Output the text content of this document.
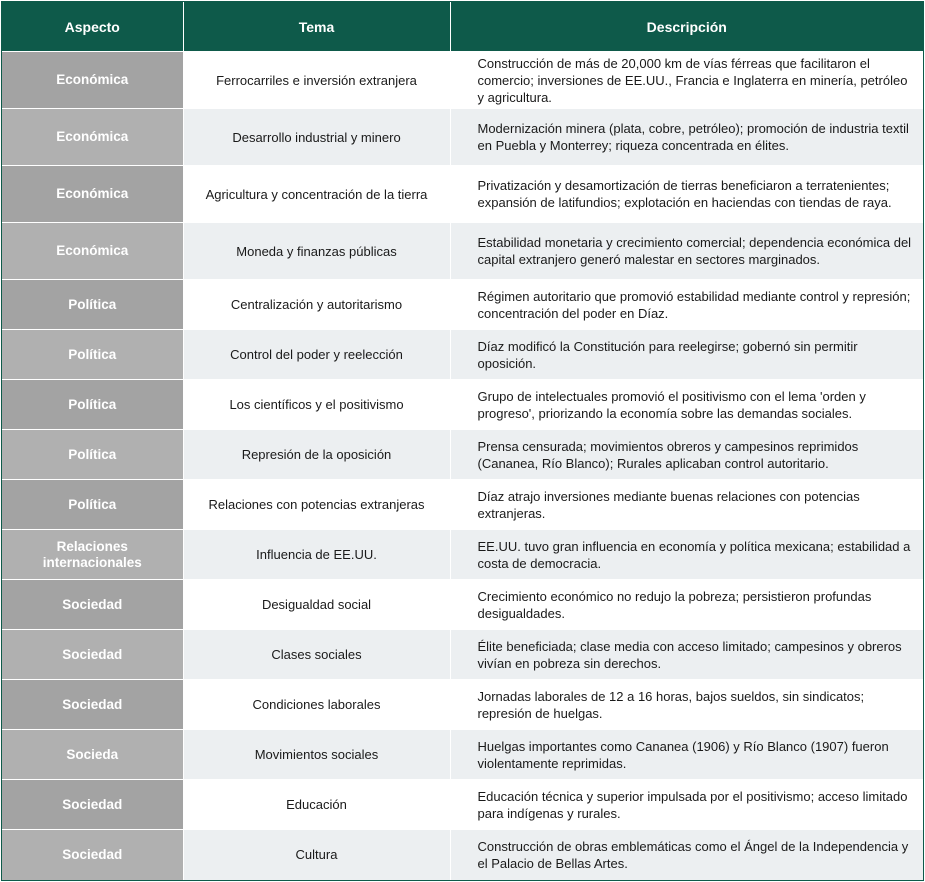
Aspecto	Tema	Descripción
Económica	Ferrocarriles e inversión extranjera	Construcción de más de 20,000 km de vías férreas que facilitaron el comercio; inversiones de EE.UU., Francia e Inglaterra en minería, petróleo y agricultura.
Económica	Desarrollo industrial y minero	Modernización minera (plata, cobre, petróleo); promoción de industria textil en Puebla y Monterrey; riqueza concentrada en élites.
Económica	Agricultura y concentración de la tierra	Privatización y desamortización de tierras beneficiaron a terratenientes; expansión de latifundios; explotación en haciendas con tiendas de raya.
Económica	Moneda y finanzas públicas	Estabilidad monetaria y crecimiento comercial; dependencia económica del capital extranjero generó malestar en sectores marginados.
Política	Centralización y autoritarismo	Régimen autoritario que promovió estabilidad mediante control y represión; concentración del poder en Díaz.
Política	Control del poder y reelección	Díaz modificó la Constitución para reelegirse; gobernó sin permitir oposición.
Política	Los científicos y el positivismo	Grupo de intelectuales promovió el positivismo con el lema 'orden y progreso', priorizando la economía sobre las demandas sociales.
Política	Represión de la oposición	Prensa censurada; movimientos obreros y campesinos reprimidos (Cananea, Río Blanco); Rurales aplicaban control autoritario.
Política	Relaciones con potencias extranjeras	Díaz atrajo inversiones mediante buenas relaciones con potencias extranjeras.
Relaciones internacionales	Influencia de EE.UU.	EE.UU. tuvo gran influencia en economía y política mexicana; estabilidad a costa de democracia.
Sociedad	Desigualdad social	Crecimiento económico no redujo la pobreza; persistieron profundas desigualdades.
Sociedad	Clases sociales	Élite beneficiada; clase media con acceso limitado; campesinos y obreros vivían en pobreza sin derechos.
Sociedad	Condiciones laborales	Jornadas laborales de 12 a 16 horas, bajos sueldos, sin sindicatos; represión de huelgas.
Socieda	Movimientos sociales	Huelgas importantes como Cananea (1906) y Río Blanco (1907) fueron violentamente reprimidas.
Sociedad	Educación	Educación técnica y superior impulsada por el positivismo; acceso limitado para indígenas y rurales.
Sociedad	Cultura	Construcción de obras emblemáticas como el Ángel de la Independencia y el Palacio de Bellas Artes.
